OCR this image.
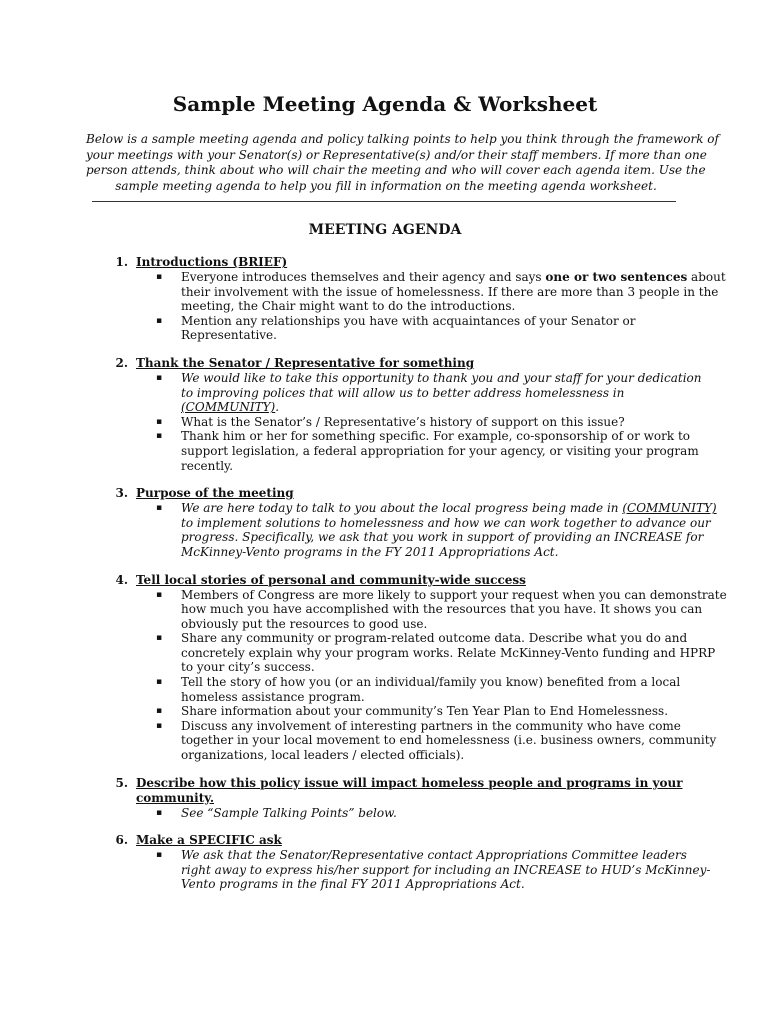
Sample Meeting Agenda & Worksheet
Below is a sample meeting agenda and policy talking points to help you think through the framework of
your meetings with your Senator(s) or Representative(s) and/or their staff members. If more than one
person attends, think about who will chair the meeting and who will cover each agenda item. Use the
sample meeting agenda to help you fill in information on the meeting agenda worksheet.
MEETING AGENDA
1. Introductions (BRIEF)
▪ Everyone introduces themselves and their agency and says one or two sentences about
their involvement with the issue of homelessness. If there are more than 3 people in the
meeting, the Chair might want to do the introductions.
▪ Mention any relationships you have with acquaintances of your Senator or
Representative.
2. Thank the Senator / Representative for something
▪ We would like to take this opportunity to thank you and your staff for your dedication
to improving polices that will allow us to better address homelessness in
(COMMUNITY).
▪ What is the Senator’s / Representative’s history of support on this issue?
▪ Thank him or her for something specific. For example, co-sponsorship of or work to
support legislation, a federal appropriation for your agency, or visiting your program
recently.
3. Purpose of the meeting
▪ We are here today to talk to you about the local progress being made in (COMMUNITY)
to implement solutions to homelessness and how we can work together to advance our
progress. Specifically, we ask that you work in support of providing an INCREASE for
McKinney-Vento programs in the FY 2011 Appropriations Act.
4. Tell local stories of personal and community-wide success
▪ Members of Congress are more likely to support your request when you can demonstrate
how much you have accomplished with the resources that you have. It shows you can
obviously put the resources to good use.
▪ Share any community or program-related outcome data. Describe what you do and
concretely explain why your program works. Relate McKinney-Vento funding and HPRP
to your city’s success.
▪ Tell the story of how you (or an individual/family you know) benefited from a local
homeless assistance program.
▪ Share information about your community’s Ten Year Plan to End Homelessness.
▪ Discuss any involvement of interesting partners in the community who have come
together in your local movement to end homelessness (i.e. business owners, community
organizations, local leaders / elected officials).
5. Describe how this policy issue will impact homeless people and programs in your
community.
▪ See “Sample Talking Points” below.
6. Make a SPECIFIC ask
▪ We ask that the Senator/Representative contact Appropriations Committee leaders
right away to express his/her support for including an INCREASE to HUD’s McKinney-
Vento programs in the final FY 2011 Appropriations Act.
